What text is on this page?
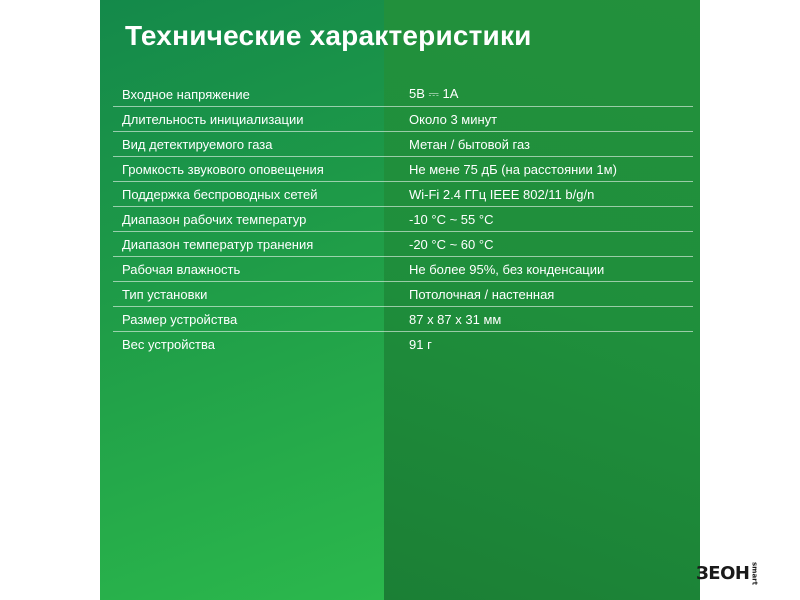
Технические характеристики
Входное напряжение	5В ⎓ 1А
Длительность инициализации	Около 3 минут
Вид детектируемого газа	Метан / бытовой газ
Громкость звукового оповещения	Не мене 75 дБ (на расстоянии 1м)
Поддержка беспроводных сетей	Wi-Fi 2.4 ГГц IEEE 802/11 b/g/n
Диапазон рабочих температур	-10 °C ~ 55 °C
Диапазон температур транения	-20 °C ~ 60 °C
Рабочая влажность	Не более 95%, без конденсации
Тип установки	Потолочная / настенная
Размер устройства	87 x 87 x 31 мм
Вес устройства	91 г
ЗЕОН smart
